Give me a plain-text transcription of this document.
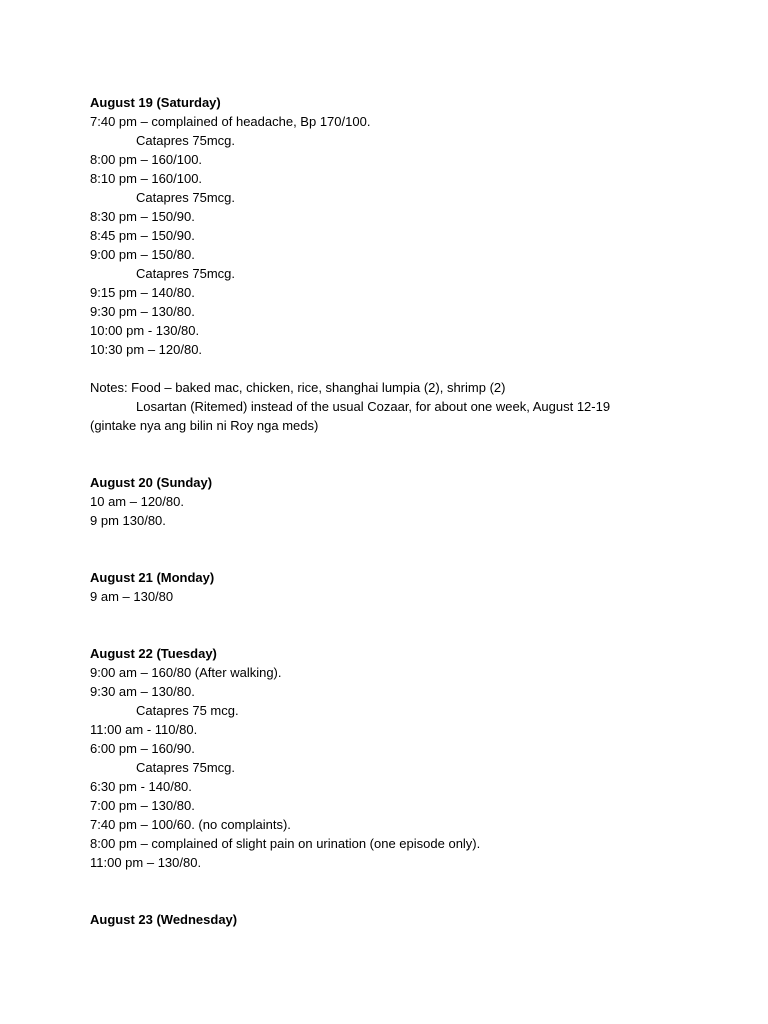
August 19 (Saturday)
7:40 pm – complained of headache, Bp 170/100.
Catapres 75mcg.
8:00 pm – 160/100.
8:10 pm – 160/100.
Catapres 75mcg.
8:30 pm – 150/90.
8:45 pm – 150/90.
9:00 pm – 150/80.
Catapres 75mcg.
9:15 pm – 140/80.
9:30 pm – 130/80.
10:00 pm - 130/80.
10:30 pm – 120/80.
Notes: Food – baked mac, chicken, rice, shanghai lumpia (2), shrimp (2)
Losartan (Ritemed) instead of the usual Cozaar, for about one week, August 12-19
(gintake nya ang bilin ni Roy nga meds)
August 20 (Sunday)
10 am – 120/80.
9 pm 130/80.
August 21 (Monday)
9 am – 130/80
August 22 (Tuesday)
9:00 am – 160/80 (After walking).
9:30 am – 130/80.
Catapres 75 mcg.
11:00 am - 110/80.
6:00 pm – 160/90.
Catapres 75mcg.
6:30 pm - 140/80.
7:00 pm – 130/80.
7:40 pm – 100/60. (no complaints).
8:00 pm – complained of slight pain on urination (one episode only).
11:00 pm – 130/80.
August 23 (Wednesday)
